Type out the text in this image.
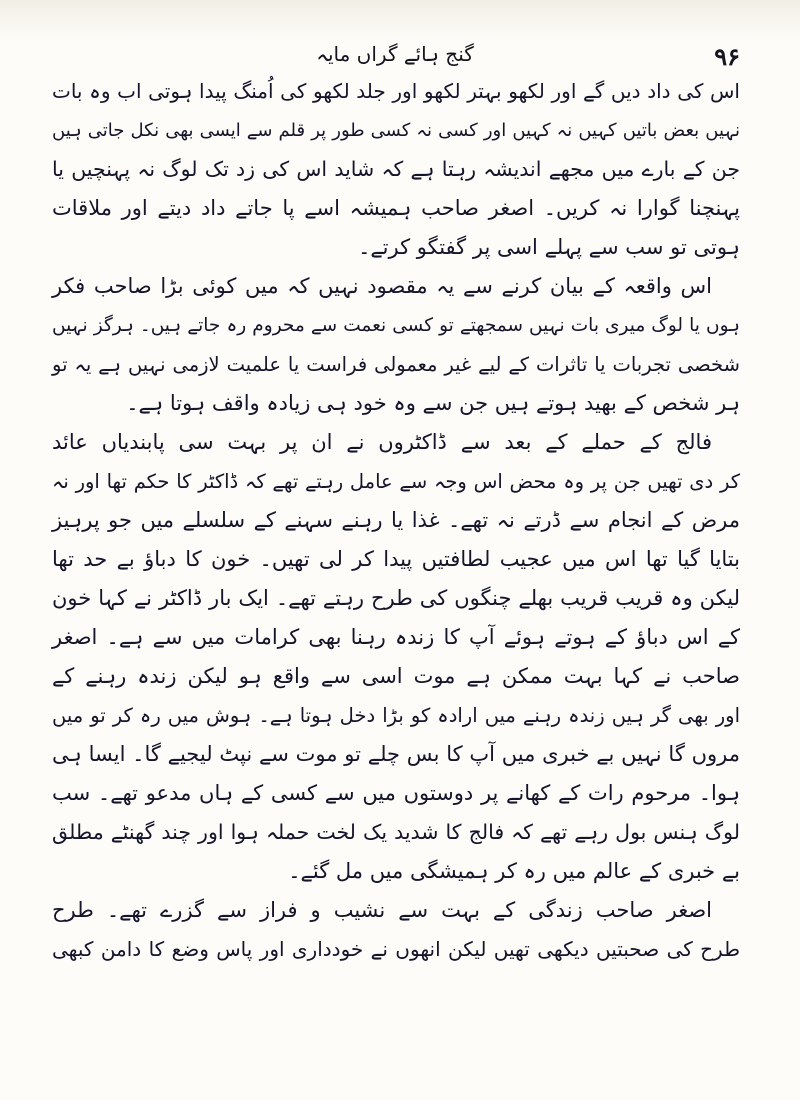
۹۶
گنج ہائے گراں مایہ
اس کی داد دیں گے اور لکھو بہتر لکھو اور جلد لکھو کی اُمنگ پیدا ہوتی اب وہ بات
نہیں بعض باتیں کہیں نہ کہیں اور کسی نہ کسی طور پر قلم سے ایسی بھی نکل جاتی ہیں
جن کے بارے میں مجھے اندیشہ رہتا ہے کہ شاید اس کی زد تک لوگ نہ پہنچیں یا
پہنچنا گوارا نہ کریں۔ اصغر صاحب ہمیشہ اسے پا جاتے داد دیتے اور ملاقات
ہوتی تو سب سے پہلے اسی پر گفتگو کرتے۔
اس واقعہ کے بیان کرنے سے یہ مقصود نہیں کہ میں کوئی بڑا صاحب فکر
ہوں یا لوگ میری بات نہیں سمجھتے تو کسی نعمت سے محروم رہ جاتے ہیں۔ ہرگز نہیں
شخصی تجربات یا تاثرات کے لیے غیر معمولی فراست یا علمیت لازمی نہیں ہے یہ تو
ہر شخص کے بھید ہوتے ہیں جن سے وہ خود ہی زیادہ واقف ہوتا ہے۔
فالج کے حملے کے بعد سے ڈاکٹروں نے ان پر بہت سی پابندیاں عائد
کر دی تھیں جن پر وہ محض اس وجہ سے عامل رہتے تھے کہ ڈاکٹر کا حکم تھا اور نہ
مرض کے انجام سے ڈرتے نہ تھے۔ غذا یا رہنے سہنے کے سلسلے میں جو پرہیز
بتایا گیا تھا اس میں عجیب لطافتیں پیدا کر لی تھیں۔ خون کا دباؤ بے حد تھا
لیکن وہ قریب قریب بھلے چنگوں کی طرح رہتے تھے۔ ایک بار ڈاکٹر نے کہا خون
کے اس دباؤ کے ہوتے ہوئے آپ کا زندہ رہنا بھی کرامات میں سے ہے۔ اصغر
صاحب نے کہا بہت ممکن ہے موت اسی سے واقع ہو لیکن زندہ رہنے کے
اور بھی گر ہیں زندہ رہنے میں ارادہ کو بڑا دخل ہوتا ہے۔ ہوش میں رہ کر تو میں
مروں گا نہیں بے خبری میں آپ کا بس چلے تو موت سے نپٹ لیجیے گا۔ ایسا ہی
ہوا۔ مرحوم رات کے کھانے پر دوستوں میں سے کسی کے ہاں مدعو تھے۔ سب
لوگ ہنس بول رہے تھے کہ فالج کا شدید یک لخت حملہ ہوا اور چند گھنٹے مطلق
بے خبری کے عالم میں رہ کر ہمیشگی میں مل گئے۔
اصغر صاحب زندگی کے بہت سے نشیب و فراز سے گزرے تھے۔ طرح
طرح کی صحبتیں دیکھی تھیں لیکن انھوں نے خودداری اور پاس وضع کا دامن کبھی
